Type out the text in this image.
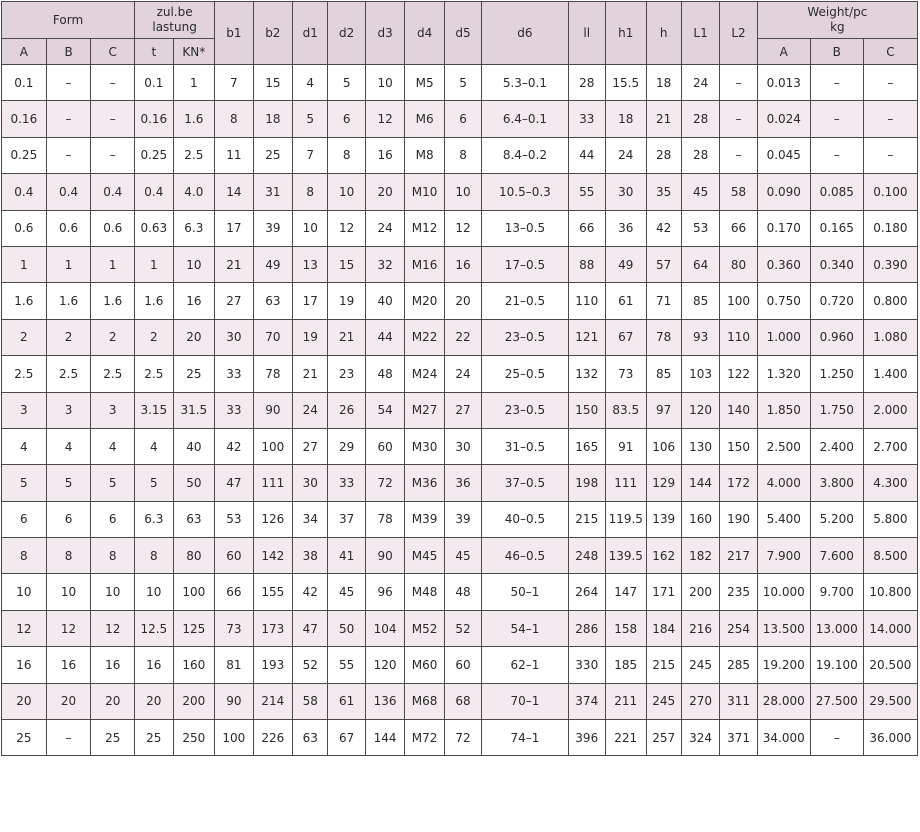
Form			zul.be
lastung		b1	b2	d1	d2	d3	d4	d5	d6	ll	h1	h	L1	L2	Weight/pc
kg		
A	B	C	t	KN*														A	B	C
0.1	–	–	0.1	1	7	15	4	5	10	M5	5	5.3–0.1	28	15.5	18	24	–	0.013	–	–
0.16	–	–	0.16	1.6	8	18	5	6	12	M6	6	6.4–0.1	33	18	21	28	–	0.024	–	–
0.25	–	–	0.25	2.5	11	25	7	8	16	M8	8	8.4–0.2	44	24	28	28	–	0.045	–	–
0.4	0.4	0.4	0.4	4.0	14	31	8	10	20	M10	10	10.5–0.3	55	30	35	45	58	0.090	0.085	0.100
0.6	0.6	0.6	0.63	6.3	17	39	10	12	24	M12	12	13–0.5	66	36	42	53	66	0.170	0.165	0.180
1	1	1	1	10	21	49	13	15	32	M16	16	17–0.5	88	49	57	64	80	0.360	0.340	0.390
1.6	1.6	1.6	1.6	16	27	63	17	19	40	M20	20	21–0.5	110	61	71	85	100	0.750	0.720	0.800
2	2	2	2	20	30	70	19	21	44	M22	22	23–0.5	121	67	78	93	110	1.000	0.960	1.080
2.5	2.5	2.5	2.5	25	33	78	21	23	48	M24	24	25–0.5	132	73	85	103	122	1.320	1.250	1.400
3	3	3	3.15	31.5	33	90	24	26	54	M27	27	23–0.5	150	83.5	97	120	140	1.850	1.750	2.000
4	4	4	4	40	42	100	27	29	60	M30	30	31–0.5	165	91	106	130	150	2.500	2.400	2.700
5	5	5	5	50	47	111	30	33	72	M36	36	37–0.5	198	111	129	144	172	4.000	3.800	4.300
6	6	6	6.3	63	53	126	34	37	78	M39	39	40–0.5	215	119.5	139	160	190	5.400	5.200	5.800
8	8	8	8	80	60	142	38	41	90	M45	45	46–0.5	248	139.5	162	182	217	7.900	7.600	8.500
10	10	10	10	100	66	155	42	45	96	M48	48	50–1	264	147	171	200	235	10.000	9.700	10.800
12	12	12	12.5	125	73	173	47	50	104	M52	52	54–1	286	158	184	216	254	13.500	13.000	14.000
16	16	16	16	160	81	193	52	55	120	M60	60	62–1	330	185	215	245	285	19.200	19.100	20.500
20	20	20	20	200	90	214	58	61	136	M68	68	70–1	374	211	245	270	311	28.000	27.500	29.500
25	–	25	25	250	100	226	63	67	144	M72	72	74–1	396	221	257	324	371	34.000	–	36.000
